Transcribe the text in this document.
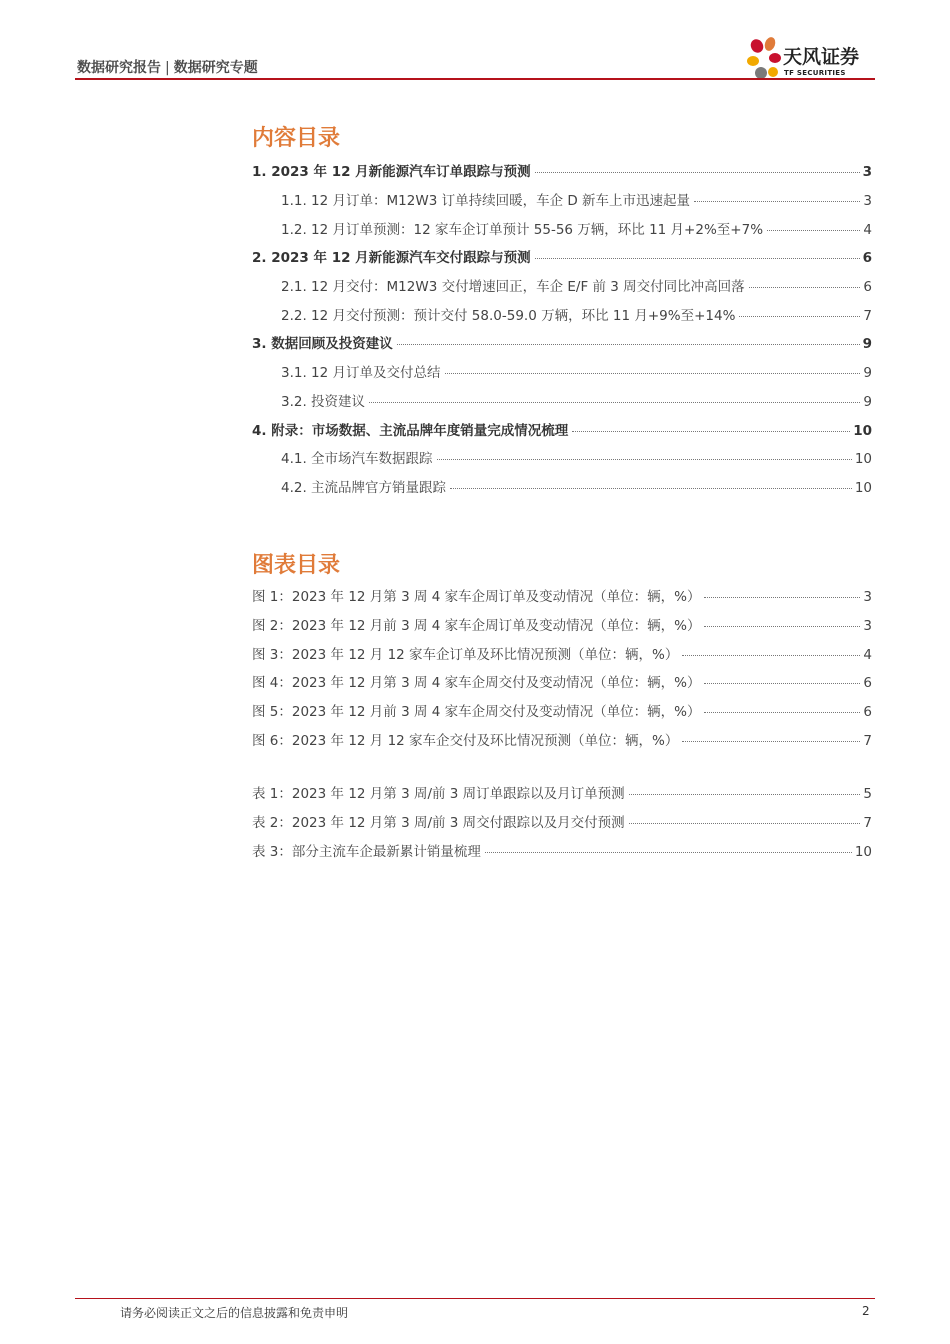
数据研究报告 | 数据研究专题	天风证券
TF SECURITIES
内容目录
1. 2023 年 12 月新能源汽车订单跟踪与预测	3
1.1. 12 月订单：M12W3 订单持续回暖，车企 D 新车上市迅速起量	3
1.2. 12 月订单预测：12 家车企订单预计 55-56 万辆，环比 11 月+2%至+7%	4
2. 2023 年 12 月新能源汽车交付跟踪与预测	6
2.1. 12 月交付：M12W3 交付增速回正，车企 E/F 前 3 周交付同比冲高回落	6
2.2. 12 月交付预测：预计交付 58.0-59.0 万辆，环比 11 月+9%至+14%	7
3. 数据回顾及投资建议	9
3.1. 12 月订单及交付总结	9
3.2. 投资建议	9
4. 附录：市场数据、主流品牌年度销量完成情况梳理	10
4.1. 全市场汽车数据跟踪	10
4.2. 主流品牌官方销量跟踪	10
图表目录
图 1：2023 年 12 月第 3 周 4 家车企周订单及变动情况（单位：辆，%）	3
图 2：2023 年 12 月前 3 周 4 家车企周订单及变动情况（单位：辆，%）	3
图 3：2023 年 12 月 12 家车企订单及环比情况预测（单位：辆，%）	4
图 4：2023 年 12 月第 3 周 4 家车企周交付及变动情况（单位：辆，%）	6
图 5：2023 年 12 月前 3 周 4 家车企周交付及变动情况（单位：辆，%）	6
图 6：2023 年 12 月 12 家车企交付及环比情况预测（单位：辆，%）	7
表 1：2023 年 12 月第 3 周/前 3 周订单跟踪以及月订单预测	5
表 2：2023 年 12 月第 3 周/前 3 周交付跟踪以及月交付预测	7
表 3：部分主流车企最新累计销量梳理	10
请务必阅读正文之后的信息披露和免责申明	2
